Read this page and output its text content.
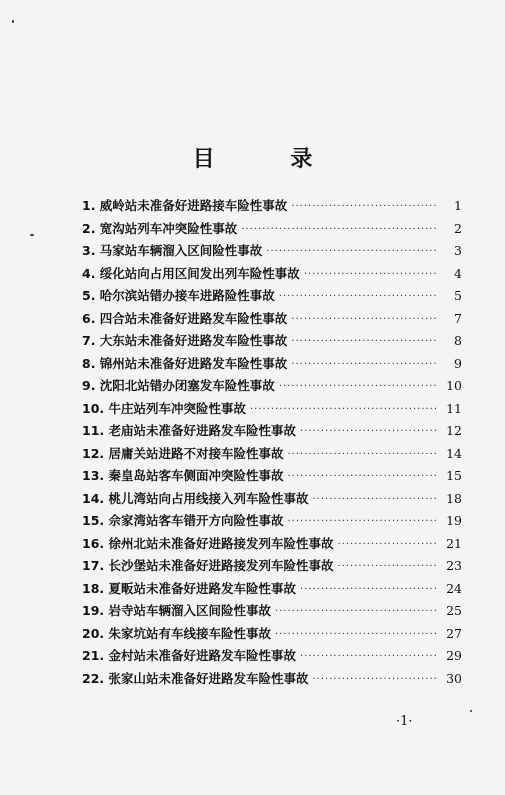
目 录
1. 威岭站未准备好进路接车险性事故 ·····	1
2. 宽沟站列车冲突险性事故 ·····	2
3. 马家站车辆溜入区间险性事故 ·····	3
4. 绥化站向占用区间发出列车险性事故 ·····	4
5. 哈尔滨站错办接车进路险性事故 ·····	5
6. 四合站未准备好进路发车险性事故 ·····	7
7. 大东站未准备好进路发车险性事故 ·····	8
8. 锦州站未准备好进路发车险性事故 ·····	9
9. 沈阳北站错办闭塞发车险性事故 ·····	10
10. 牛庄站列车冲突险性事故 ·····	11
11. 老庙站未准备好进路发车险性事故 ·····	12
12. 居庸关站进路不对接车险性事故 ·····	14
13. 秦皇岛站客车侧面冲突险性事故 ·····	15
14. 桃儿湾站向占用线接入列车险性事故 ·····	18
15. 佘家湾站客车错开方向险性事故 ·····	19
16. 徐州北站未准备好进路接发列车险性事故 ·····	21
17. 长沙堡站未准备好进路接发列车险性事故 ·····	23
18. 夏畈站未准备好进路发车险性事故 ·····	24
19. 岩寺站车辆溜入区间险性事故 ·····	25
20. 朱家坑站有车线接车险性事故 ·····	27
21. 金村站未准备好进路发车险性事故 ·····	29
22. 张家山站未准备好进路发车险性事故 ·····	30
·1·
